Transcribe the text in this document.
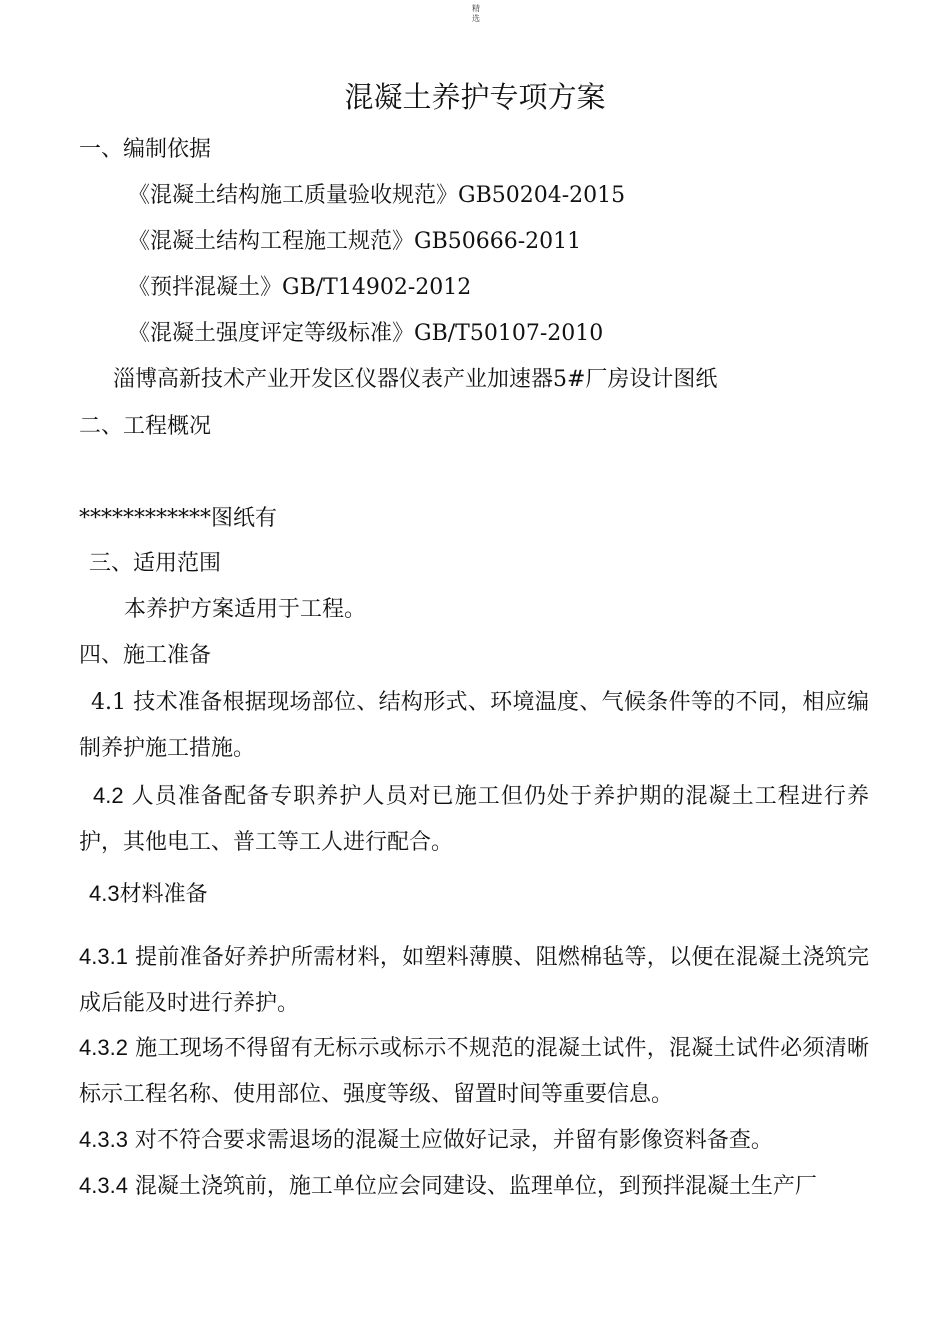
精
选
混凝土养护专项方案
一、编制依据
《混凝土结构施工质量验收规范》GB50204-2015
《混凝土结构工程施工规范》GB50666-2011
《预拌混凝土》GB/T14902-2012
《混凝土强度评定等级标准》GB/T50107-2010
淄博高新技术产业开发区仪器仪表产业加速器5#厂房设计图纸
二、工程概况
************图纸有
三、适用范围
本养护方案适用于工程。
四、施工准备
4.1 技术准备根据现场部位、结构形式、环境温度、气候条件等的不同，相应编制养护施工措施。
4.2 人员准备配备专职养护人员对已施工但仍处于养护期的混凝土工程进行养护，其他电工、普工等工人进行配合。
4.3材料准备
4.3.1 提前准备好养护所需材料，如塑料薄膜、阻燃棉毡等，以便在混凝土浇筑完成后能及时进行养护。
4.3.2 施工现场不得留有无标示或标示不规范的混凝土试件，混凝土试件必须清晰标示工程名称、使用部位、强度等级、留置时间等重要信息。
4.3.3 对不符合要求需退场的混凝土应做好记录，并留有影像资料备查。
4.3.4 混凝土浇筑前，施工单位应会同建设、监理单位，到预拌混凝土生产厂
